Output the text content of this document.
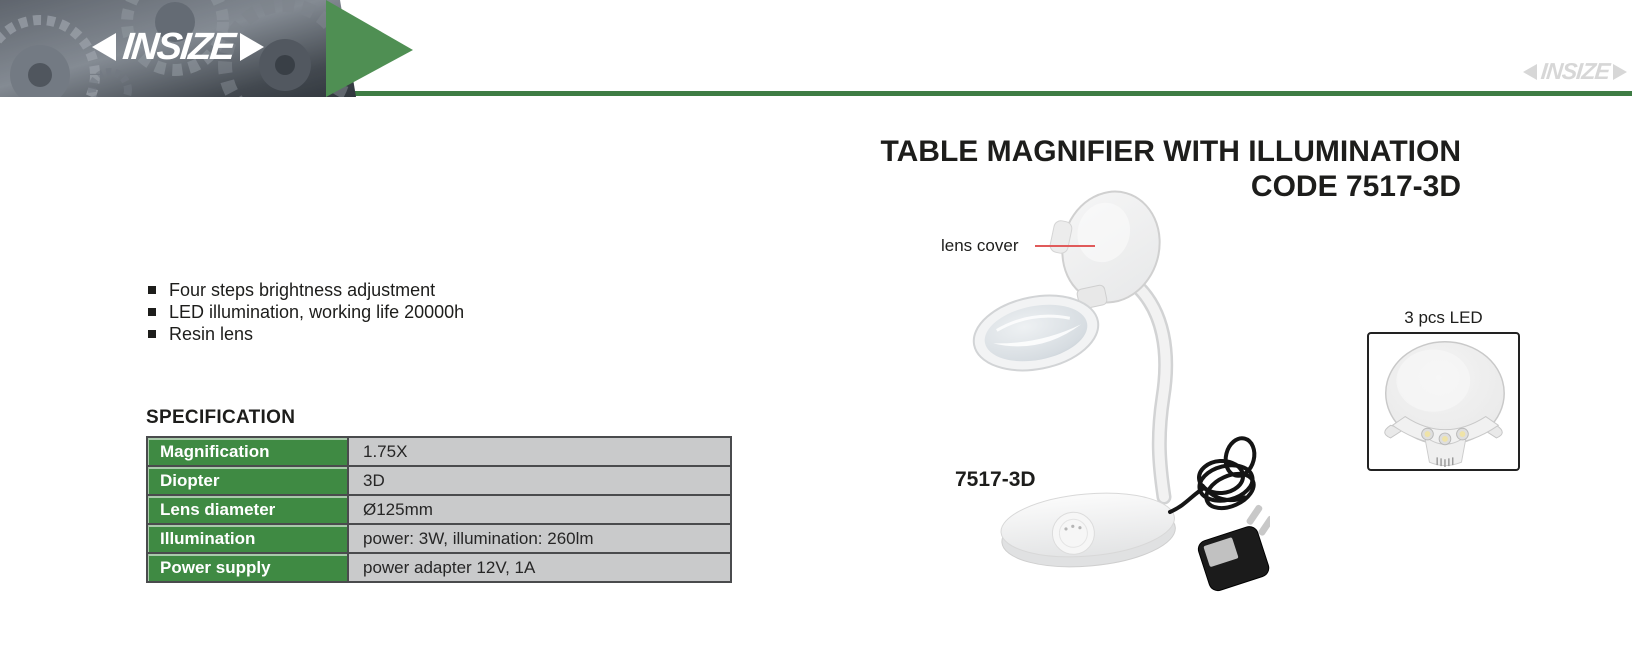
INSIZE
INSIZE
TABLE MAGNIFIER WITH ILLUMINATION
CODE 7517-3D
Four steps brightness adjustment
LED illumination, working life 20000h
Resin lens
SPECIFICATION
Magnification	1.75X
Diopter	3D
Lens diameter	Ø125mm
Illumination	power: 3W, illumination: 260lm
Power supply	power adapter 12V, 1A
lens cover
7517-3D
3 pcs LED
